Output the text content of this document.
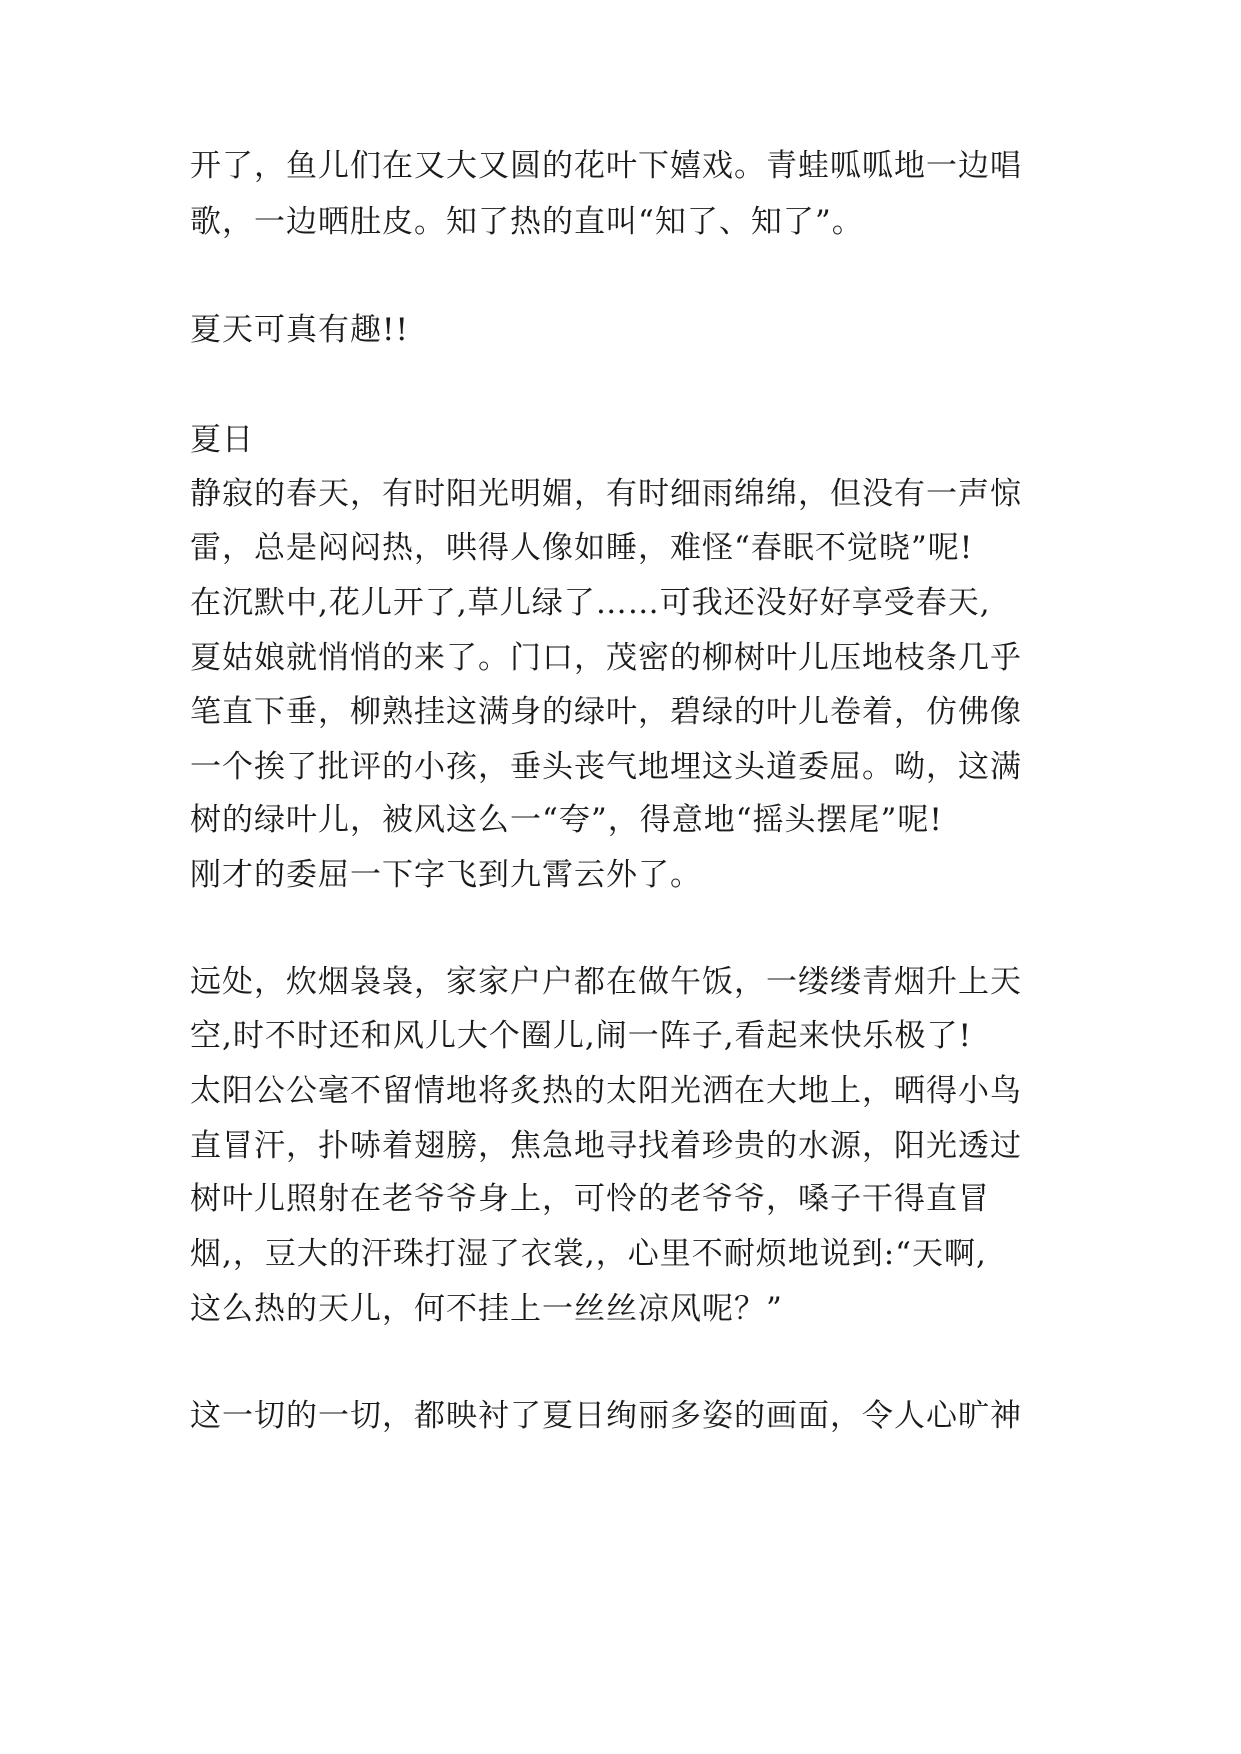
开了，鱼儿们在又大又圆的花叶下嬉戏。青蛙呱呱地一边唱
歌，一边晒肚皮。知了热的直叫“知了、知了”。
夏天可真有趣!!
夏日
静寂的春天，有时阳光明媚，有时细雨绵绵，但没有一声惊
雷，总是闷闷热，哄得人像如睡，难怪“春眠不觉晓”呢!
在沉默中,花儿开了,草儿绿了……可我还没好好享受春天,
夏姑娘就悄悄的来了。门口，茂密的柳树叶儿压地枝条几乎
笔直下垂，柳熟挂这满身的绿叶，碧绿的叶儿卷着，仿佛像
一个挨了批评的小孩，垂头丧气地埋这头道委屈。呦，这满
树的绿叶儿，被风这么一“夸”，得意地“摇头摆尾”呢!
刚才的委屈一下字飞到九霄云外了。
远处，炊烟袅袅，家家户户都在做午饭，一缕缕青烟升上天
空,时不时还和风儿大个圈儿,闹一阵子,看起来快乐极了!
太阳公公毫不留情地将炙热的太阳光洒在大地上，晒得小鸟
直冒汗，扑哧着翅膀，焦急地寻找着珍贵的水源，阳光透过
树叶儿照射在老爷爷身上，可怜的老爷爷，嗓子干得直冒
烟,，豆大的汗珠打湿了衣裳,，心里不耐烦地说到:“天啊,
这么热的天儿，何不挂上一丝丝凉风呢？”
这一切的一切，都映衬了夏日绚丽多姿的画面，令人心旷神
